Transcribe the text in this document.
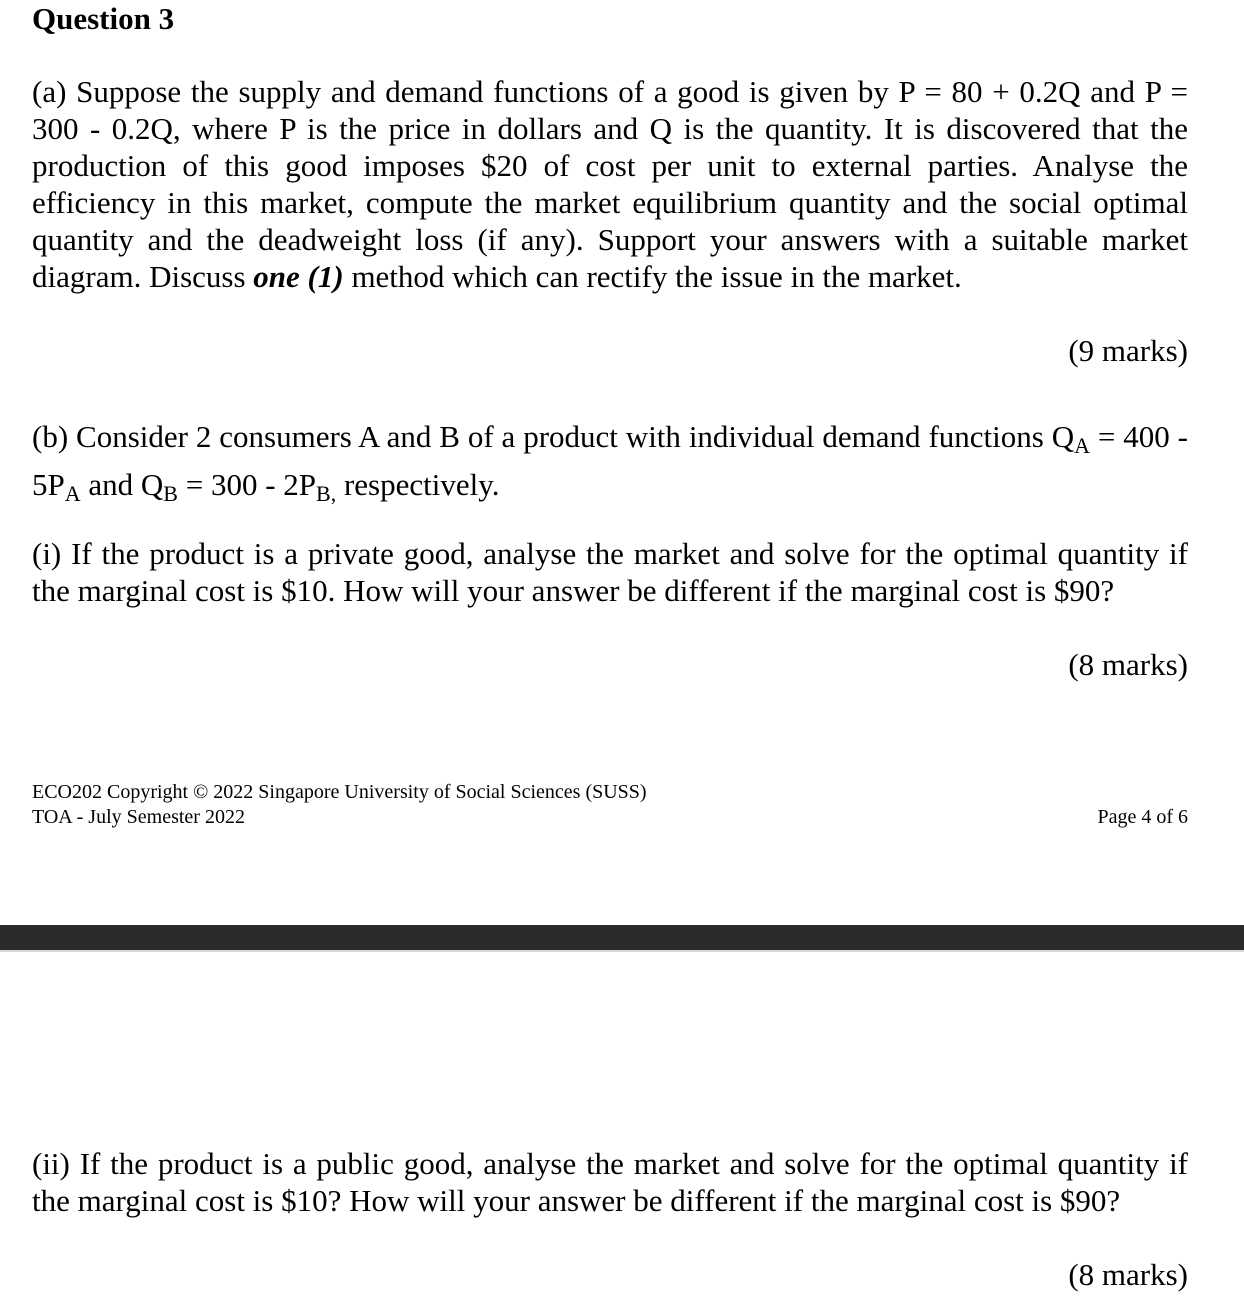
Question 3

(a) Suppose the supply and demand functions of a good is given by P = 80 + 0.2Q and P = 300 - 0.2Q, where P is the price in dollars and Q is the quantity. It is discovered that the production of this good imposes $20 of cost per unit to external parties. Analyse the efficiency in this market, compute the market equilibrium quantity and the social optimal quantity and the deadweight loss (if any). Support your answers with a suitable market diagram. Discuss one (1) method which can rectify the issue in the market.

(9 marks)

(b) Consider 2 consumers A and B of a product with individual demand functions QA = 400 - 5PA and QB = 300 - 2PB, respectively.

(i) If the product is a private good, analyse the market and solve for the optimal quantity if the marginal cost is $10. How will your answer be different if the marginal cost is $90?

(8 marks)
ECO202 Copyright © 2022 Singapore University of Social Sciences (SUSS)
TOA - July Semester 2022	Page 4 of 6

(ii) If the product is a public good, analyse the market and solve for the optimal quantity if the marginal cost is $10? How will your answer be different if the marginal cost is $90?

(8 marks)
